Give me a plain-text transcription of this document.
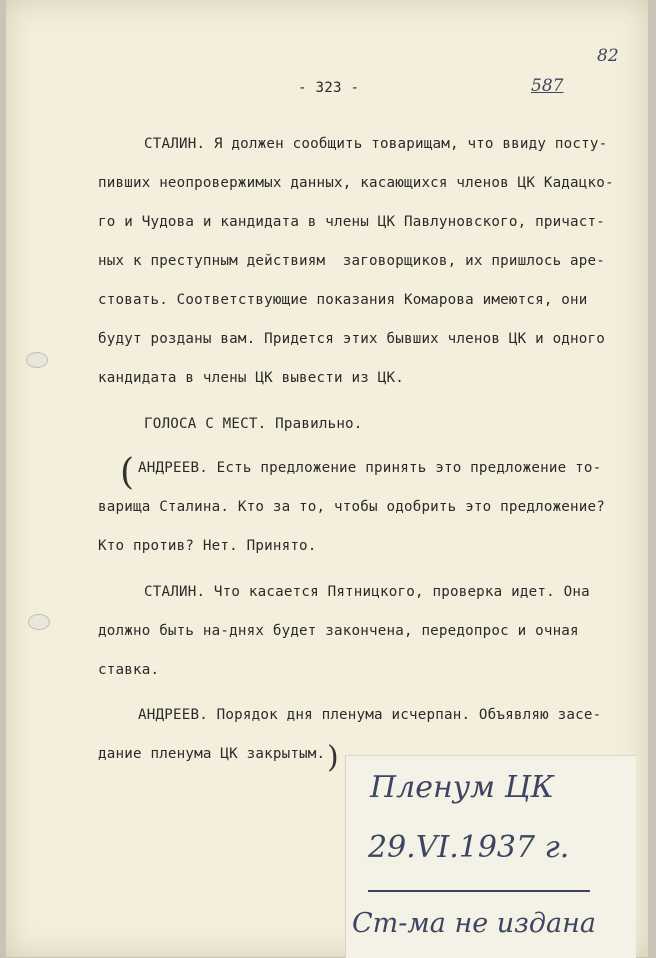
- 323 -	587
82
СТАЛИН. Я должен сообщить товарищам, что ввиду посту-
пивших неопровержимых данных, касающихся членов ЦК Кадацко-
го и Чудова и кандидата в члены ЦК Павлуновского, причаст-
ных к преступным действиям  заговорщиков, их пришлось аре-
стовать. Соответствующие показания Комарова имеются, они
будут розданы вам. Придется этих бывших членов ЦК и одного
кандидата в члены ЦК вывести из ЦК.
ГОЛОСА С МЕСТ. Правильно.
( АНДРЕЕВ. Есть предложение принять это предложение то-
варища Сталина. Кто за то, чтобы одобрить это предложение?
Кто против? Нет. Принято.
СТАЛИН. Что касается Пятницкого, проверка идет. Она
должно быть на-днях будет закончена, передопрос и очная
ставка.
АНДРЕЕВ. Порядок дня пленума исчерпан. Объявляю засе-
дание пленума ЦК закрытым. )
Пленум ЦК
29.VI.1937 г.
Ст-ма не издана
